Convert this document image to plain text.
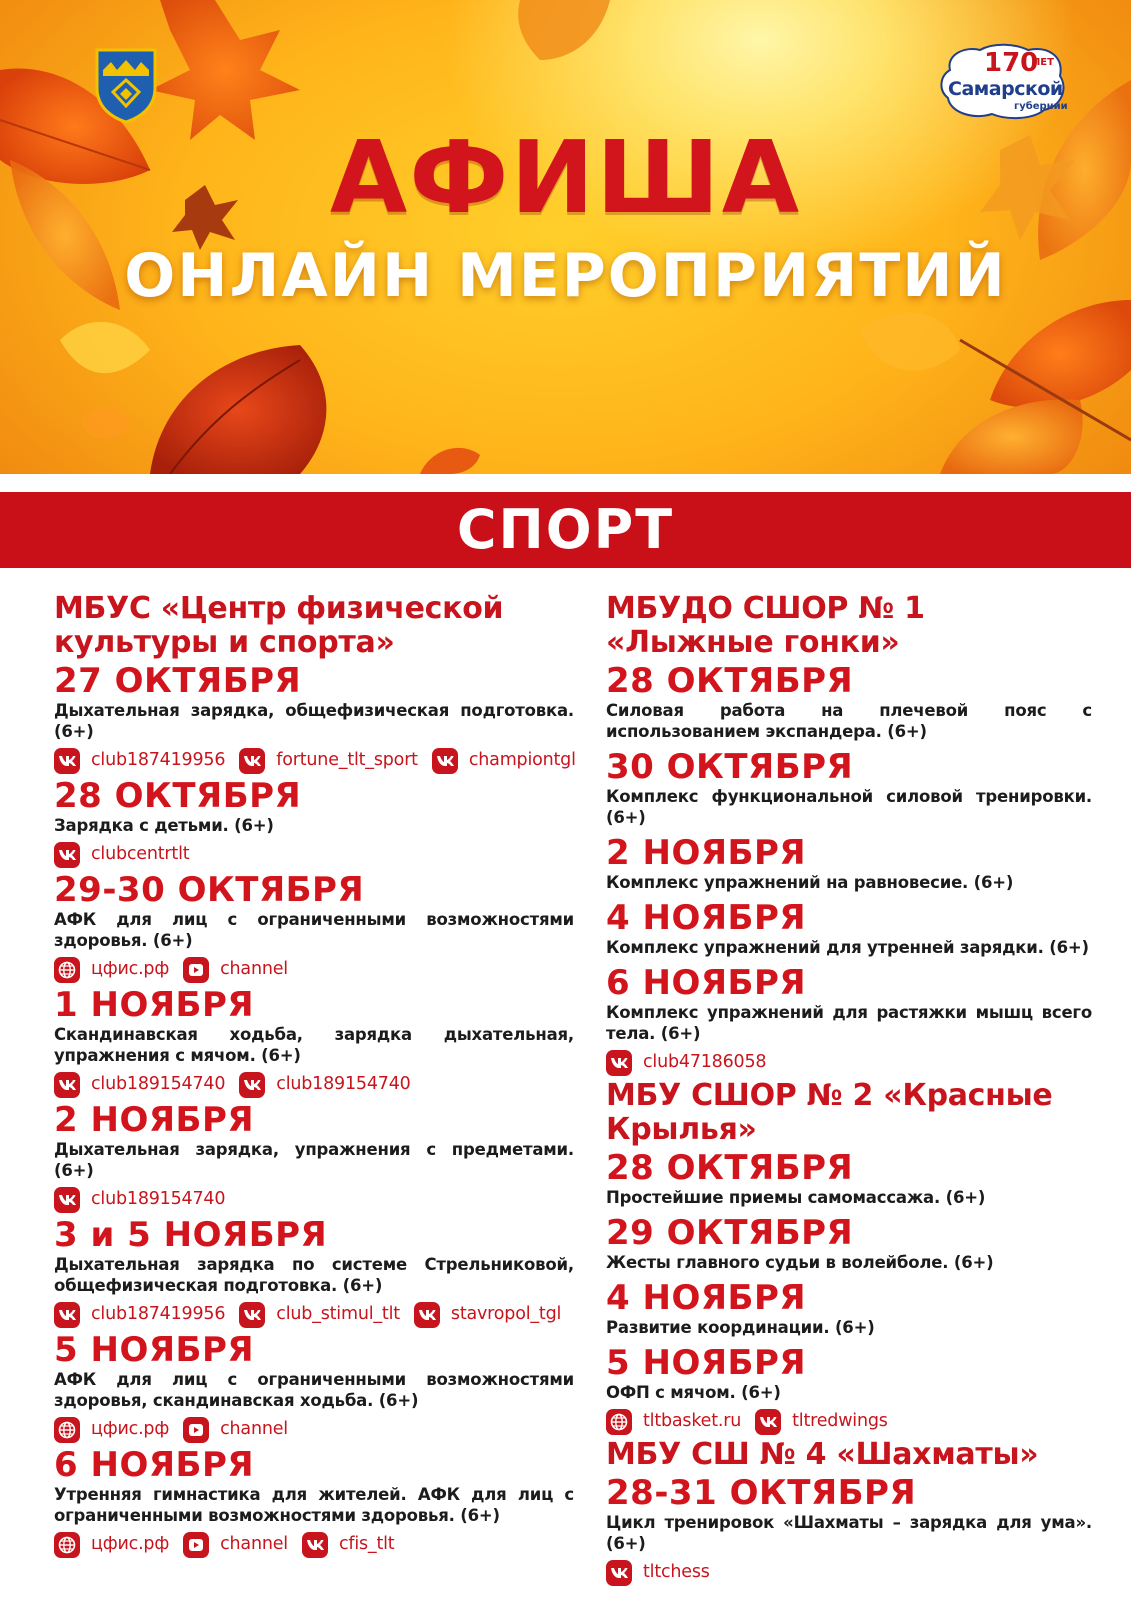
170
ЛЕТ
Самарской
губернии
АФИША
ОНЛАЙН МЕРОПРИЯТИЙ
СПОРТ
МБУС «Центр физической культуры и спорта»
27 ОКТЯБРЯ
Дыхательная зарядка, общефизическая подготовка. (6+)
club187419956	fortune_tlt_sport	championtgl
28 ОКТЯБРЯ
Зарядка с детьми. (6+)
clubcentrtlt
29-30 ОКТЯБРЯ
АФК для лиц с ограниченными возможностями здоровья. (6+)
цфис.рф	channel
1 НОЯБРЯ
Скандинавская ходьба, зарядка дыхательная, упражнения с мячом. (6+)
club189154740	club189154740
2 НОЯБРЯ
Дыхательная зарядка, упражнения с предметами. (6+)
club189154740
3 и 5 НОЯБРЯ
Дыхательная зарядка по системе Стрельниковой, общефизическая подготовка. (6+)
club187419956	club_stimul_tlt	stavropol_tgl
5 НОЯБРЯ
АФК для лиц с ограниченными возможностями здоровья, скандинавская ходьба. (6+)
цфис.рф	channel
6 НОЯБРЯ
Утренняя гимнастика для жителей. АФК для лиц с ограниченными возможностями здоровья. (6+)
цфис.рф	channel	cfis_tlt
МБУДО СШОР № 1 «Лыжные гонки»
28 ОКТЯБРЯ
Силовая работа на плечевой пояс с использованием экспандера. (6+)
30 ОКТЯБРЯ
Комплекс функциональной силовой тренировки. (6+)
2 НОЯБРЯ
Комплекс упражнений на равновесие. (6+)
4 НОЯБРЯ
Комплекс упражнений для утренней зарядки. (6+)
6 НОЯБРЯ
Комплекс упражнений для растяжки мышц всего тела. (6+)
club47186058
МБУ СШОР № 2 «Красные Крылья»
28 ОКТЯБРЯ
Простейшие приемы самомассажа. (6+)
29 ОКТЯБРЯ
Жесты главного судьи в волейболе. (6+)
4 НОЯБРЯ
Развитие координации. (6+)
5 НОЯБРЯ
ОФП с мячом. (6+)
tltbasket.ru	tltredwings
МБУ СШ № 4 «Шахматы»
28-31 ОКТЯБРЯ
Цикл тренировок «Шахматы – зарядка для ума». (6+)
tltchess
